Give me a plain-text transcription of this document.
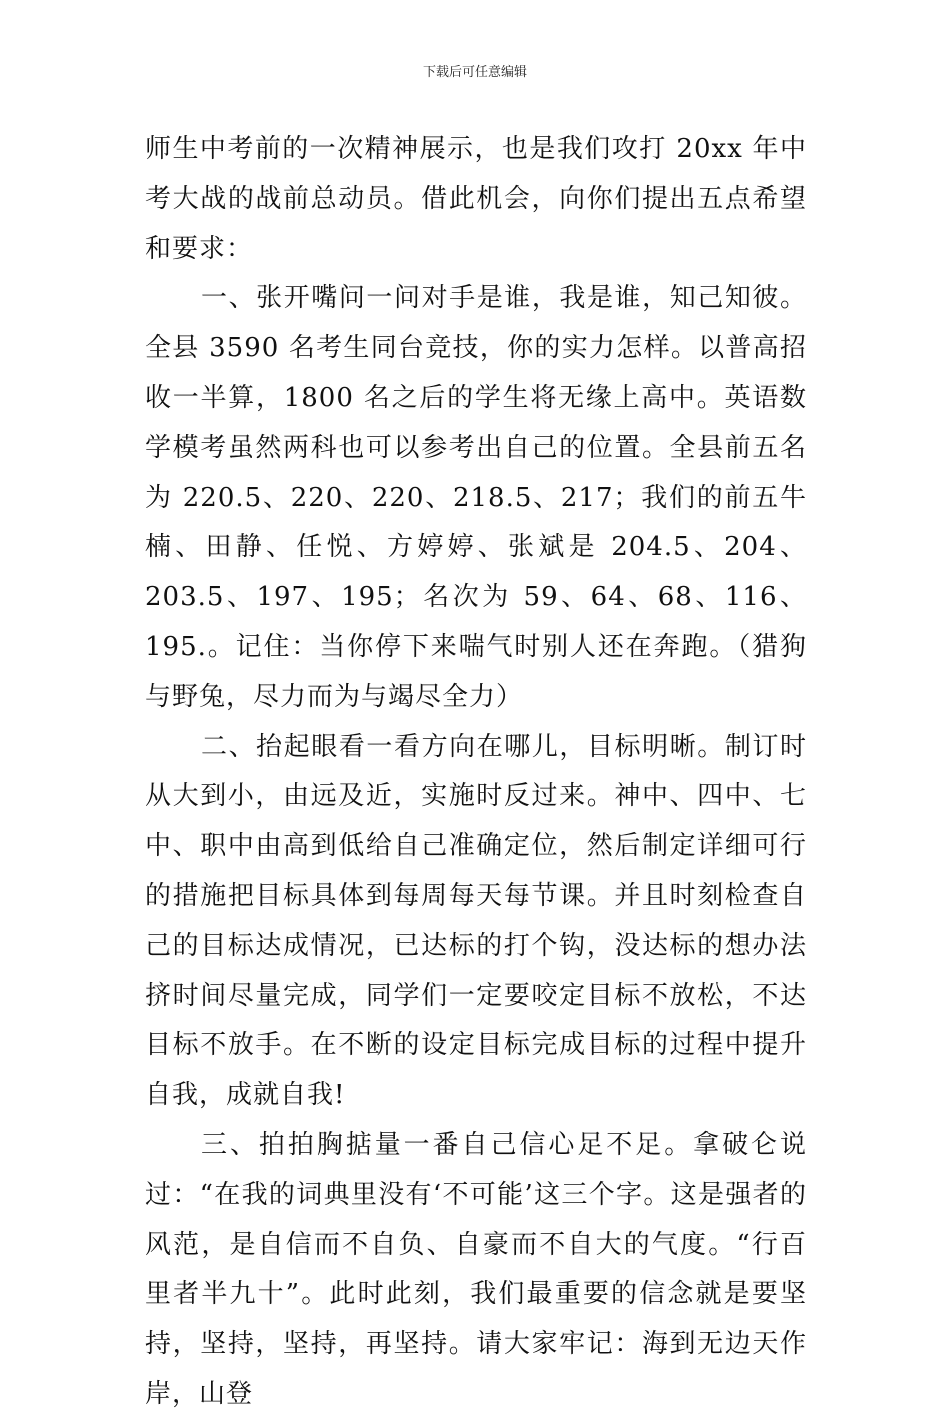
下载后可任意编辑

师生中考前的一次精神展示，也是我们攻打 20xx 年中考大战的战前总动员。借此机会，向你们提出五点希望和要求：

一、张开嘴问一问对手是谁，我是谁，知己知彼。全县 3590 名考生同台竞技，你的实力怎样。以普高招收一半算，1800 名之后的学生将无缘上高中。英语数学模考虽然两科也可以参考出自己的位置。全县前五名为 220.5、220、220、218.5、217；我们的前五牛楠、田静、任悦、方婷婷、张斌是 204.5、204、203.5、197、195；名次为 59、64、68、116、195.。记住：当你停下来喘气时别人还在奔跑。（猎狗与野兔，尽力而为与竭尽全力）

二、抬起眼看一看方向在哪儿，目标明晰。制订时从大到小，由远及近，实施时反过来。神中、四中、七中、职中由高到低给自己准确定位，然后制定详细可行的措施把目标具体到每周每天每节课。并且时刻检查自己的目标达成情况，已达标的打个钩，没达标的想办法挤时间尽量完成，同学们一定要咬定目标不放松，不达目标不放手。在不断的设定目标完成目标的过程中提升自我，成就自我!

三、拍拍胸掂量一番自己信心足不足。拿破仑说过：“在我的词典里没有‘不可能’这三个字。这是强者的风范，是自信而不自负、自豪而不自大的气度。“行百里者半九十”。此时此刻，我们最重要的信念就是要坚持，坚持，坚持，再坚持。请大家牢记：海到无边天作岸，山登
